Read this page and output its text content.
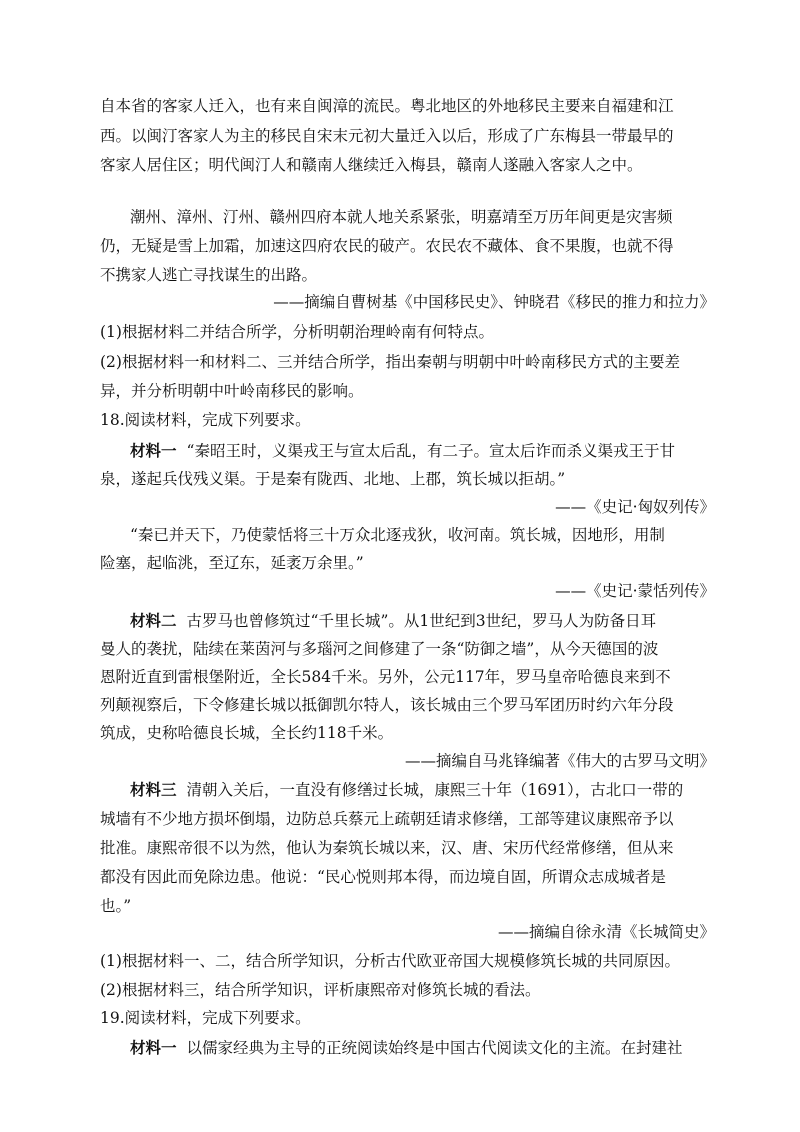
自本省的客家人迁入，也有来自闽漳的流民。粤北地区的外地移民主要来自福建和江
西。以闽汀客家人为主的移民自宋末元初大量迁入以后，形成了广东梅县一带最早的
客家人居住区；明代闽汀人和赣南人继续迁入梅县，赣南人遂融入客家人之中。
潮州、漳州、汀州、赣州四府本就人地关系紧张，明嘉靖至万历年间更是灾害频
仍，无疑是雪上加霜，加速这四府农民的破产。农民农不藏体、食不果腹，也就不得
不携家人逃亡寻找谋生的出路。
——摘编自曹树基《中国移民史》、钟晓君《移民的推力和拉力》
(1)根据材料二并结合所学，分析明朝治理岭南有何特点。
(2)根据材料一和材料二、三并结合所学，指出秦朝与明朝中叶岭南移民方式的主要差
异，并分析明朝中叶岭南移民的影响。
18.阅读材料，完成下列要求。
材料一 “秦昭王时，义渠戎王与宣太后乱，有二子。宣太后诈而杀义渠戎王于甘
泉，遂起兵伐残义渠。于是秦有陇西、北地、上郡，筑长城以拒胡。”
——《史记·匈奴列传》
“秦已并天下，乃使蒙恬将三十万众北逐戎狄，收河南。筑长城，因地形，用制
险塞，起临洮，至辽东，延袤万余里。”
——《史记·蒙恬列传》
材料二 古罗马也曾修筑过“千里长城”。从1世纪到3世纪，罗马人为防备日耳
曼人的袭扰，陆续在莱茵河与多瑙河之间修建了一条“防御之墙”，从今天德国的波
恩附近直到雷根堡附近，全长584千米。另外，公元117年，罗马皇帝哈德良来到不
列颠视察后，下令修建长城以抵御凯尔特人，该长城由三个罗马军团历时约六年分段
筑成，史称哈德良长城，全长约118千米。
——摘编自马兆锋编著《伟大的古罗马文明》
材料三 清朝入关后，一直没有修缮过长城，康熙三十年（1691），古北口一带的
城墙有不少地方损坏倒塌，边防总兵蔡元上疏朝廷请求修缮，工部等建议康熙帝予以
批准。康熙帝很不以为然，他认为秦筑长城以来，汉、唐、宋历代经常修缮，但从来
都没有因此而免除边患。他说：“民心悦则邦本得，而边境自固，所谓众志成城者是
也。”
——摘编自徐永清《长城简史》
(1)根据材料一、二，结合所学知识，分析古代欧亚帝国大规模修筑长城的共同原因。
(2)根据材料三，结合所学知识，评析康熙帝对修筑长城的看法。
19.阅读材料，完成下列要求。
材料一 以儒家经典为主导的正统阅读始终是中国古代阅读文化的主流。在封建社
